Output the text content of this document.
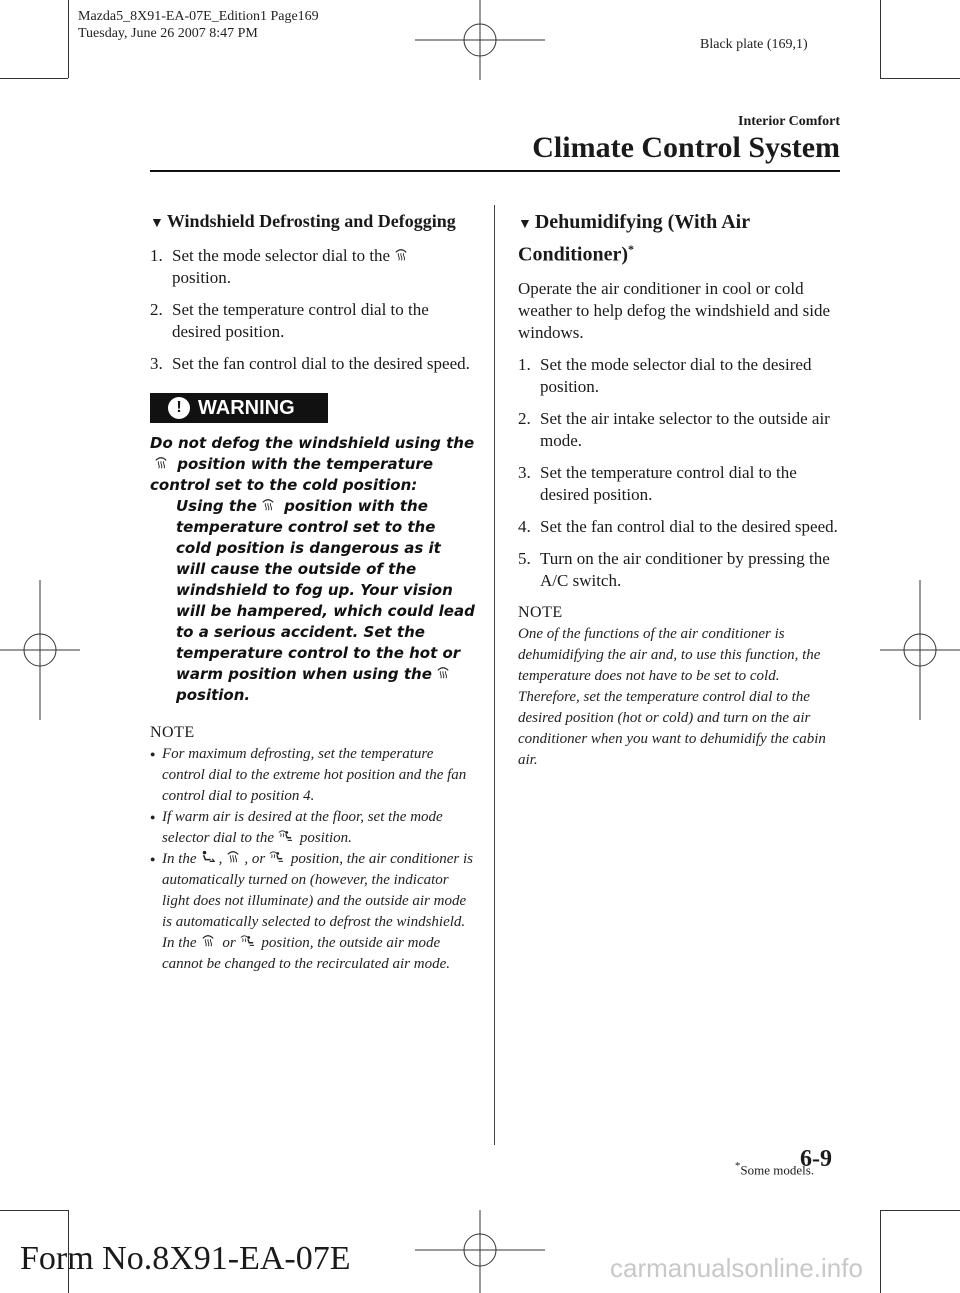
Mazda5_8X91-EA-07E_Edition1 Page169
Tuesday, June 26 2007 8:47 PM
Black plate (169,1)
Interior Comfort
Climate Control System
▼ Windshield Defrosting and Defogging
1. Set the mode selector dial to the
position.
2. Set the temperature control dial to the desired position.
3. Set the fan control dial to the desired speed.
! WARNING
Do not defog the windshield using the
position with the temperature control set to the cold position:
Using the position with the temperature control set to the cold position is dangerous as it will cause the outside of the windshield to fog up. Your vision will be hampered, which could lead to a serious accident. Set the temperature control to the hot or warm position when using the position.
NOTE
● For maximum defrosting, set the temperature control dial to the extreme hot position and the fan control dial to position 4.
● If warm air is desired at the floor, set the mode selector dial to the position.
● In the , , or position, the air conditioner is automatically turned on (however, the indicator light does not illuminate) and the outside air mode is automatically selected to defrost the windshield.
In the or position, the outside air mode cannot be changed to the recirculated air mode.
▼ Dehumidifying (With Air Conditioner)*

Operate the air conditioner in cool or cold weather to help defog the windshield and side windows.

1. Set the mode selector dial to the desired position.
2. Set the air intake selector to the outside air mode.
3. Set the temperature control dial to the desired position.
4. Set the fan control dial to the desired speed.
5. Turn on the air conditioner by pressing the A/C switch.
NOTE
One of the functions of the air conditioner is dehumidifying the air and, to use this function, the temperature does not have to be set to cold. Therefore, set the temperature control dial to the desired position (hot or cold) and turn on the air conditioner when you want to dehumidify the cabin air.
*Some models.
6-9
Form No.8X91-EA-07E	carmanualsonline.info
